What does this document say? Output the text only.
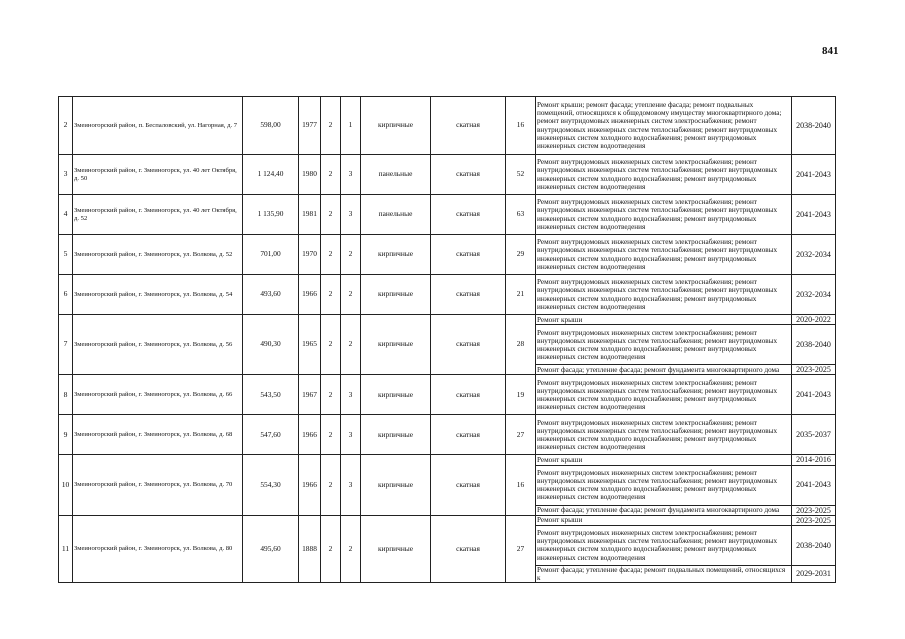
841
2	Змеиногорский район, п. Беспаловский, ул. Нагорная, д. 7	598,00	1977	2	1	кирпичные	скатная	16	Ремонт крыши; ремонт фасада; утепление фасада; ремонт подвальных помещений, относящихся к общедомовому имуществу многоквартирного дома; ремонт внутридомовых инженерных систем электроснабжения; ремонт внутридомовых инженерных систем теплоснабжения; ремонт внутридомовых инженерных систем холодного водоснабжения; ремонт внутридомовых инженерных систем водоотведения	2038-2040
3	Змеиногорский район, г. Змеиногорск, ул. 40 лет Октября, д. 50	1 124,40	1980	2	3	панельные	скатная	52	Ремонт внутридомовых инженерных систем электроснабжения; ремонт внутридомовых инженерных систем теплоснабжения; ремонт внутридомовых инженерных систем холодного водоснабжения; ремонт внутридомовых инженерных систем водоотведения	2041-2043
4	Змеиногорский район, г. Змеиногорск, ул. 40 лет Октября, д. 52	1 135,90	1981	2	3	панельные	скатная	63	Ремонт внутридомовых инженерных систем электроснабжения; ремонт внутридомовых инженерных систем теплоснабжения; ремонт внутридомовых инженерных систем холодного водоснабжения; ремонт внутридомовых инженерных систем водоотведения	2041-2043
5	Змеиногорский район, г. Змеиногорск, ул. Волкова, д. 52	701,00	1970	2	2	кирпичные	скатная	29	Ремонт внутридомовых инженерных систем электроснабжения; ремонт внутридомовых инженерных систем теплоснабжения; ремонт внутридомовых инженерных систем холодного водоснабжения; ремонт внутридомовых инженерных систем водоотведения	2032-2034
6	Змеиногорский район, г. Змеиногорск, ул. Волкова, д. 54	493,60	1966	2	2	кирпичные	скатная	21	Ремонт внутридомовых инженерных систем электроснабжения; ремонт внутридомовых инженерных систем теплоснабжения; ремонт внутридомовых инженерных систем холодного водоснабжения; ремонт внутридомовых инженерных систем водоотведения	2032-2034
7	Змеиногорский район, г. Змеиногорск, ул. Волкова, д. 56	490,30	1965	2	2	кирпичные	скатная	28	Ремонт крыши	2020-2022
									Ремонт внутридомовых инженерных систем электроснабжения; ремонт внутридомовых инженерных систем теплоснабжения; ремонт внутридомовых инженерных систем холодного водоснабжения; ремонт внутридомовых инженерных систем водоотведения	2038-2040
									Ремонт фасада; утепление фасада; ремонт фундамента многоквартирного дома	2023-2025
8	Змеиногорский район, г. Змеиногорск, ул. Волкова, д. 66	543,50	1967	2	3	кирпичные	скатная	19	Ремонт внутридомовых инженерных систем электроснабжения; ремонт внутридомовых инженерных систем теплоснабжения; ремонт внутридомовых инженерных систем холодного водоснабжения; ремонт внутридомовых инженерных систем водоотведения	2041-2043
9	Змеиногорский район, г. Змеиногорск, ул. Волкова, д. 68	547,60	1966	2	3	кирпичные	скатная	27	Ремонт внутридомовых инженерных систем электроснабжения; ремонт внутридомовых инженерных систем теплоснабжения; ремонт внутридомовых инженерных систем холодного водоснабжения; ремонт внутридомовых инженерных систем водоотведения	2035-2037
10	Змеиногорский район, г. Змеиногорск, ул. Волкова, д. 70	554,30	1966	2	3	кирпичные	скатная	16	Ремонт крыши	2014-2016
									Ремонт внутридомовых инженерных систем электроснабжения; ремонт внутридомовых инженерных систем теплоснабжения; ремонт внутридомовых инженерных систем холодного водоснабжения; ремонт внутридомовых инженерных систем водоотведения	2041-2043
									Ремонт фасада; утепление фасада; ремонт фундамента многоквартирного дома	2023-2025
11	Змеиногорский район, г. Змеиногорск, ул. Волкова, д. 80	495,60	1888	2	2	кирпичные	скатная	27	Ремонт крыши	2023-2025
									Ремонт внутридомовых инженерных систем электроснабжения; ремонт внутридомовых инженерных систем теплоснабжения; ремонт внутридомовых инженерных систем холодного водоснабжения; ремонт внутридомовых инженерных систем водоотведения	2038-2040
									Ремонт фасада; утепление фасада; ремонт подвальных помещений, относящихся к	2029-2031
